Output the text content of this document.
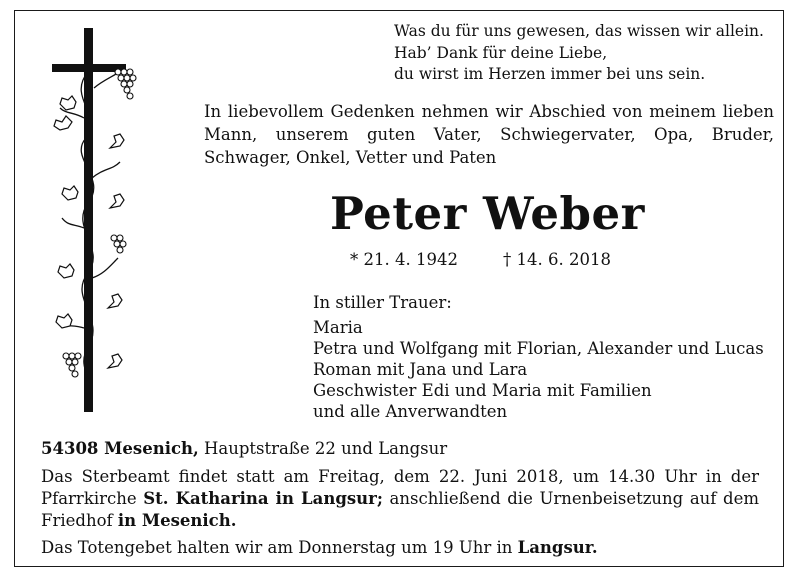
Was du für uns gewesen, das wissen wir allein.
Hab’ Dank für deine Liebe,
du wirst im Herzen immer bei uns sein.
In liebevollem Gedenken nehmen wir Abschied von meinem lieben Mann, unserem guten Vater, Schwiegervater, Opa, Bruder, Schwager, Onkel, Vetter und Paten
Peter Weber
* 21. 4. 1942	† 14. 6. 2018
In stiller Trauer:
Maria
Petra und Wolfgang mit Florian, Alexander und Lucas
Roman mit Jana und Lara
Geschwister Edi und Maria mit Familien
und alle Anverwandten
54308 Mesenich, Hauptstraße 22 und Langsur
Das Sterbeamt findet statt am Freitag, dem 22. Juni 2018, um 14.30 Uhr in der
Pfarrkirche St. Katharina in Langsur; anschließend die Urnenbeisetzung auf dem
Friedhof in Mesenich.
Das Totengebet halten wir am Donnerstag um 19 Uhr in Langsur.
